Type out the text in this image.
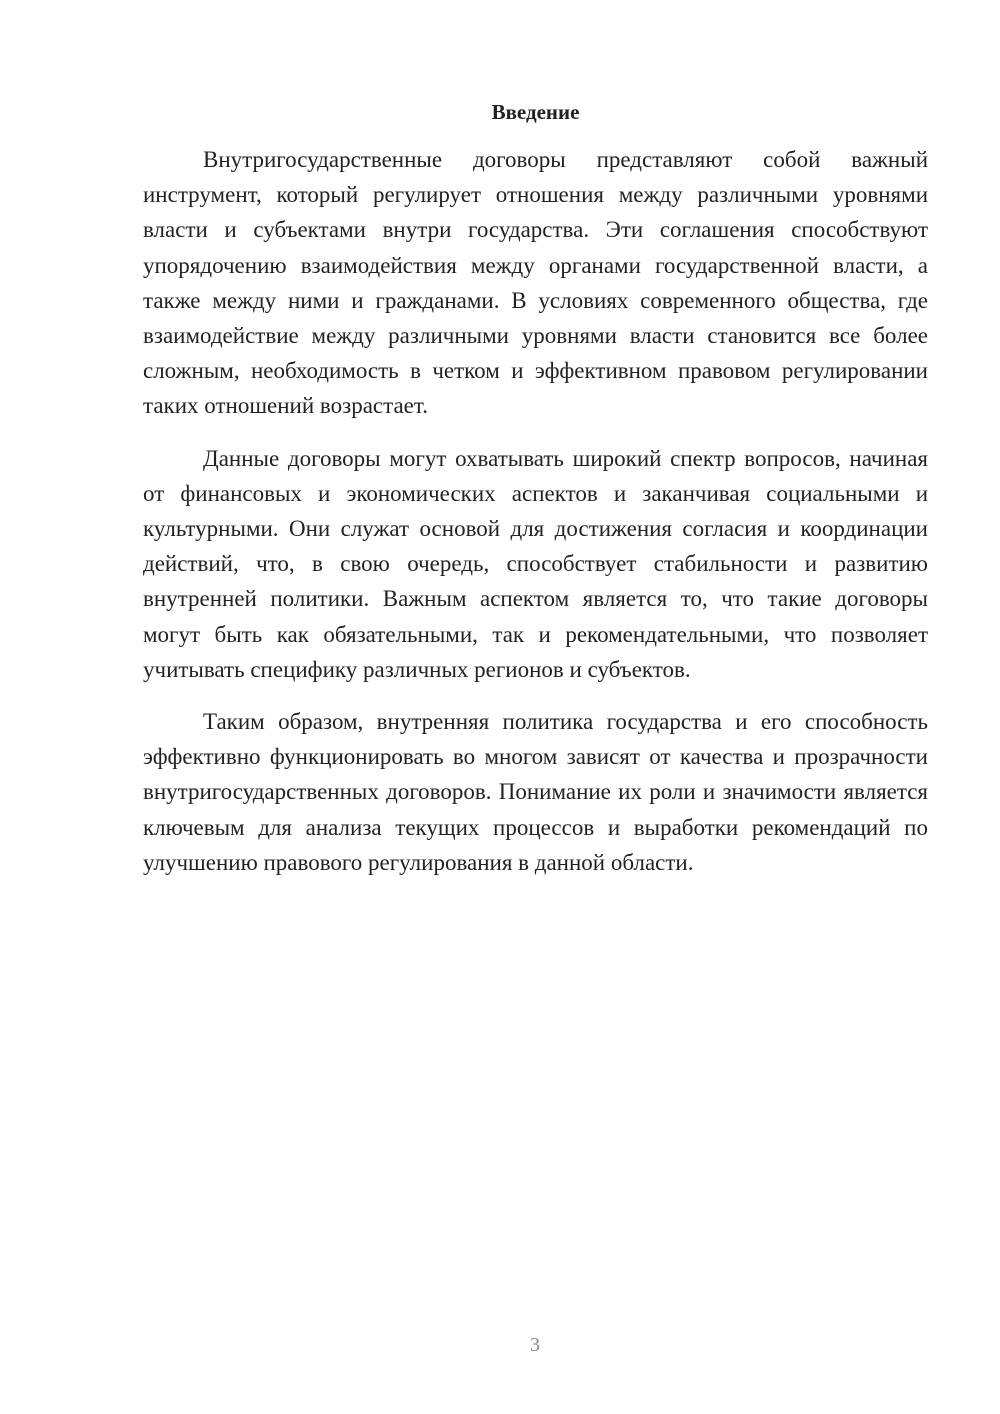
Введение

Внутригосударственные договоры представляют собой важный инструмент, который регулирует отношения между различными уровнями власти и субъектами внутри государства. Эти соглашения способствуют упорядочению взаимодействия между органами государственной власти, а также между ними и гражданами. В условиях современного общества, где взаимодействие между различными уровнями власти становится все более сложным, необходимость в четком и эффективном правовом регулировании таких отношений возрастает.

Данные договоры могут охватывать широкий спектр вопросов, начиная от финансовых и экономических аспектов и заканчивая социальными и культурными. Они служат основой для достижения согласия и координации действий, что, в свою очередь, способствует стабильности и развитию внутренней политики. Важным аспектом является то, что такие договоры могут быть как обязательными, так и рекомендательными, что позволяет учитывать специфику различных регионов и субъектов.

Таким образом, внутренняя политика государства и его способность эффективно функционировать во многом зависят от качества и прозрачности внутригосударственных договоров. Понимание их роли и значимости является ключевым для анализа текущих процессов и выработки рекомендаций по улучшению правового регулирования в данной области.

3
